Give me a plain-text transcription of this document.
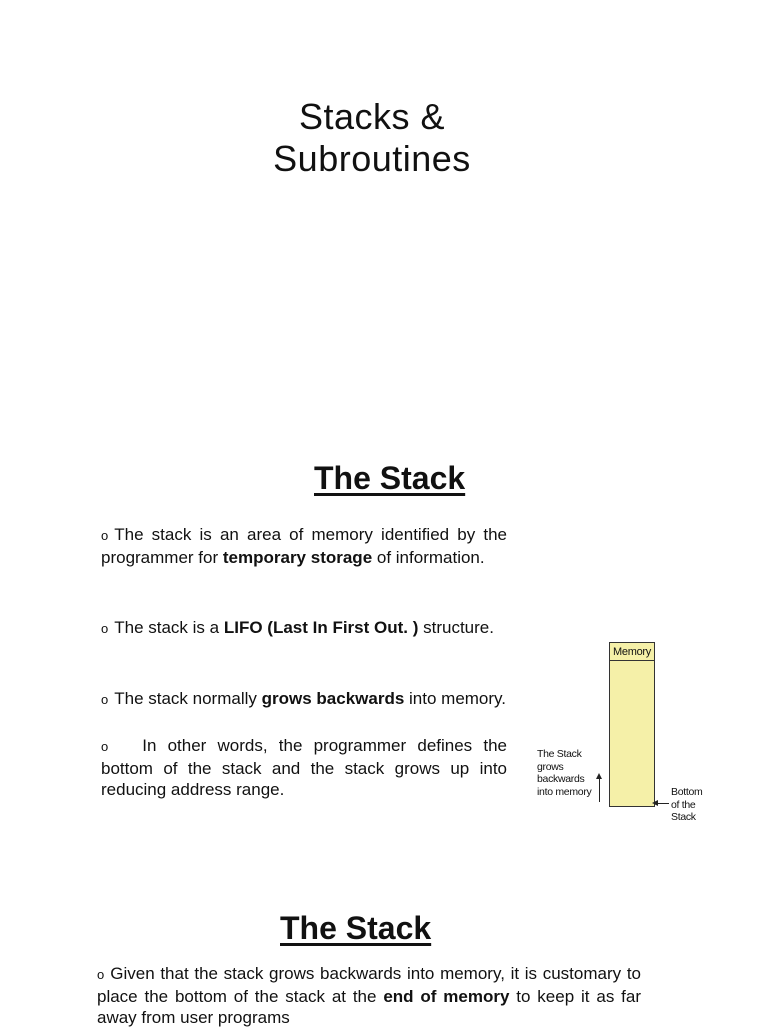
Stacks &
Subroutines
The Stack

o The stack is an area of memory identified by the programmer for temporary storage of information.

o The stack is a LIFO (Last In First Out. ) structure.

o The stack normally grows backwards into memory.

o In other words, the programmer defines the bottom of the stack and the stack grows up into reducing address range.

Memory
The Stack
grows
backwards
into memory	Bottom
of the
Stack
The Stack

o Given that the stack grows backwards into memory, it is customary to place the bottom of the stack at the end of memory to keep it as far away from user programs
